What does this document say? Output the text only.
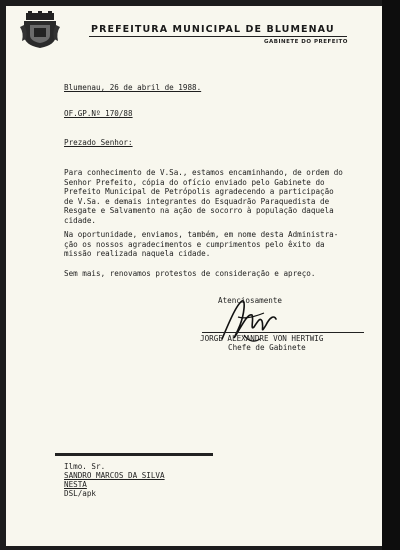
PREFEITURA MUNICIPAL DE BLUMENAU
GABINETE DO PREFEITO
Blumenau, 26 de abril de 1988.
OF.GP.Nº 170/88
Prezado Senhor:
Para conhecimento de V.Sa., estamos encaminhando, de ordem do
Senhor Prefeito, cópia do ofício enviado pelo Gabinete do
Prefeito Municipal de Petrópolis agradecendo a participação
de V.Sa. e demais integrantes do Esquadrão Paraquedista de
Resgate e Salvamento na ação de socorro à população daquela
cidade.
Na oportunidade, enviamos, também, em nome desta Administra-
ção os nossos agradecimentos e cumprimentos pelo êxito da
missão realizada naquela cidade.
Sem mais, renovamos protestos de consideração e apreço.
Atenciosamente
JORGE ALEXANDRE VON HERTWIG
Chefe de Gabinete
Ilmo. Sr.
SANDRO MARCOS DA SILVA
NESTA
DSL/apk
